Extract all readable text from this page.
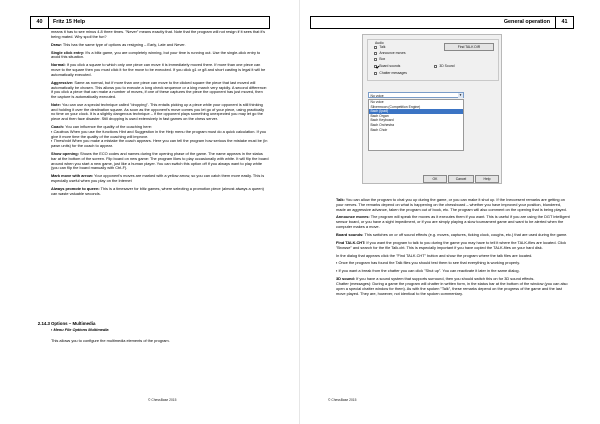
40	Fritz 15 Help

means it has to see minus 4.8 three times. "Never" means exactly that. Note that the program will not resign if it sees that it's being mated. Why spoil the fun?

Draw: This has the same type of options as resigning – Early, Late and Never.

Single click entry: It's a blitz game, you are completely winning, but your time is running out. Use the single-click entry to avoid this situation.

Normal: If you click a square to which only one piece can move it is immediately moved there. If more than one piece can move to the square then you must click it for the move to be executed. If you click g1 or g8 and short casting is legal it will be automatically executed.

Aggressive: Same as normal, but if more than one piece can move to the clicked square the piece that last moved will automatically be chosen. This allows you to execute a long check sequence or a king march very rapidly. A second difference: if you click a piece that can make a number of moves, if one of these captures the piece the opponent has just moved, then the capture is automatically executed.

Note: You can use a special technique called "dropping". This entails picking up a piece while your opponent is still thinking and holding it over the destination square. As soon as the opponent's move comes you let go of your piece, using practically no time on your clock. It is a slightly dangerous technique – if the opponent plays something unexpected you may let go the piece and then face disaster. Still dropping is used extensively in fast games on the chess server.

Coach: You can influence the quality of the coaching here:

▪ Cautious When you use the functions Hint and Suggestion in the Help menu the program must do a quick calculation. If you give it more time the quality of the coaching will improve.

▪ Threshold When you make a mistake the coach appears. Here you can tell the program how serious the mistake must be (in pawn units) for the coach to appear.

Show opening: Shows the ECO codes and names during the opening phase of the game. The name appears in the status bar at the bottom of the screen. Flip board on new game: The program likes to play occasionally with white. It will flip the board around when you start a new game, just like a human player. You can switch this option off if you always want to play white (you can flip the board manually with Ctrl-F).

Mark move with arrow: Your opponent's moves are marked with a yellow arrow, so you can catch them more easily. This is especially useful when you play on the Internet

Always promote to queen: This is a timesaver for blitz games, where selecting a promotion piece (almost always a queen) can waste valuable seconds.

2.14.3 Options – Multimedia
▪ Menu File Options Multimedia
This allows you to configure the multimedia elements of the program.
© ChessBase 2015
General operation	41
Audio
Talk
Announce moves
Box
Board sounds	3D Sound
Chatter messages
Find TALK DIR
No voice	▼
No voice
Silvermoon (Competition Engine)
Bach (Ipad)
Bach Organ
Bach Keyboard
Bach Orchestra
Bach Choir
OK	Cancel	Help

Talk: You can allow the program to chat you up during the game, or you can make it shut up. If the Ineccesent remarks are getting on your nerves. The remarks depend on what is happening on the chessboard – whether you have improved your position, blundered, made an aggressive advance, taken the program out of book, etc. The program will also comment on the opening that is being played.

Announce moves: The program will speak the moves as it executes them if you want. This is useful if you are using the DGT intelligent sensor board, or you have a sight impediment, or if you are simply playing a slow tournament game and want to be alerted when the computer makes a move.

Board sounds: This switches on or off sound effects (e.g. moves, captures, ticking clock, coughs, etc.) that are used during the game.

Find TALK.CHT: If you want the program to talk to you during the game you may have to tell it where the TALK-files are located. Click "Browse" and search for the file Talk.cht. This is especially important if you have copied the TALK-files on your hard disk.

In the dialog that appears click the "Find TALK.CHT" button and show the program where the talk files are located.

▪ Once the program has found the Talk files you should test them to see that everything is working properly.

▪ If you want a break from the chatter you can click "Shut up". You can reactivate it later in the same dialog.

3D sound: If you have a sound system that supports surround, then you should switch this on for 3D sound effects.

Chatter (messages): During a game the program will chatter in written form, in the status bar at the bottom of the window (you can also open a special chatter window for them). As with the spoken "Talk", these remarks depend on the progress of the game and the last move played. They are, however, not identical to the spoken commentary.

© ChessBase 2015
